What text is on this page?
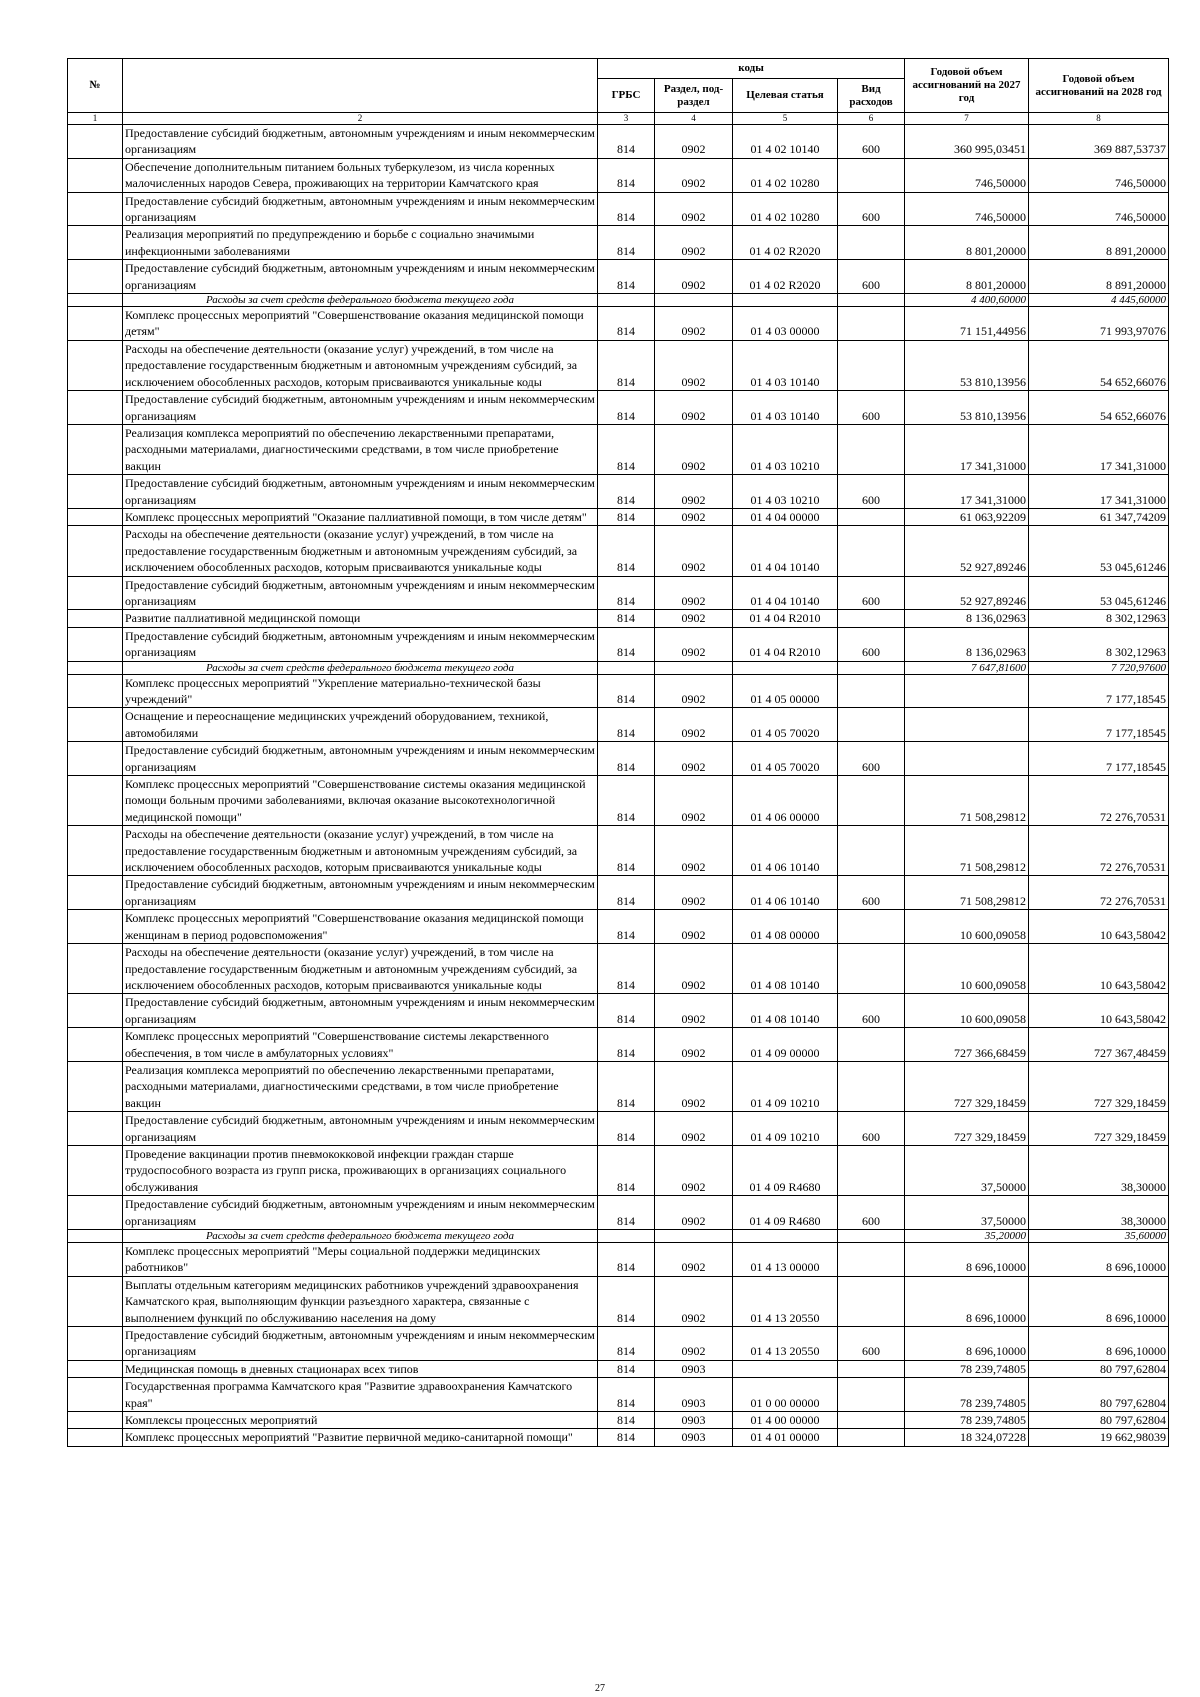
№		коды				Годовой объем ассигнований на 2027 год	Годовой объем ассигнований на 2028 год
		ГРБС	Раздел, под-раздел	Целевая статья	Вид расходов		
1	2	3	4	5	6	7	8
	Предоставление субсидий бюджетным, автономным учреждениям и иным некоммерческим организациям	814	0902	01 4 02 10140	600	360 995,03451	369 887,53737
	Обеспечение дополнительным питанием больных туберкулезом, из числа коренных малочисленных народов Севера, проживающих на территории Камчатского края	814	0902	01 4 02 10280		746,50000	746,50000
	Предоставление субсидий бюджетным, автономным учреждениям и иным некоммерческим организациям	814	0902	01 4 02 10280	600	746,50000	746,50000
	Реализация мероприятий по предупреждению и борьбе с социально значимыми инфекционными заболеваниями	814	0902	01 4 02 R2020		8 801,20000	8 891,20000
	Предоставление субсидий бюджетным, автономным учреждениям и иным некоммерческим организациям	814	0902	01 4 02 R2020	600	8 801,20000	8 891,20000
	Расходы за счет средств федерального бюджета текущего года					4 400,60000	4 445,60000
	Комплекс процессных мероприятий "Совершенствование оказания медицинской помощи детям"	814	0902	01 4 03 00000		71 151,44956	71 993,97076
	Расходы на обеспечение деятельности (оказание услуг) учреждений, в том числе на предоставление государственным бюджетным и автономным учреждениям субсидий, за исключением обособленных расходов, которым присваиваются уникальные коды	814	0902	01 4 03 10140		53 810,13956	54 652,66076
	Предоставление субсидий бюджетным, автономным учреждениям и иным некоммерческим организациям	814	0902	01 4 03 10140	600	53 810,13956	54 652,66076
	Реализация комплекса мероприятий по обеспечению лекарственными препаратами, расходными материалами, диагностическими средствами, в том числе приобретение вакцин	814	0902	01 4 03 10210		17 341,31000	17 341,31000
	Предоставление субсидий бюджетным, автономным учреждениям и иным некоммерческим организациям	814	0902	01 4 03 10210	600	17 341,31000	17 341,31000
	Комплекс процессных мероприятий "Оказание паллиативной помощи, в том числе детям"	814	0902	01 4 04 00000		61 063,92209	61 347,74209
	Расходы на обеспечение деятельности (оказание услуг) учреждений, в том числе на предоставление государственным бюджетным и автономным учреждениям субсидий, за исключением обособленных расходов, которым присваиваются уникальные коды	814	0902	01 4 04 10140		52 927,89246	53 045,61246
	Предоставление субсидий бюджетным, автономным учреждениям и иным некоммерческим организациям	814	0902	01 4 04 10140	600	52 927,89246	53 045,61246
	Развитие паллиативной медицинской помощи	814	0902	01 4 04 R2010		8 136,02963	8 302,12963
	Предоставление субсидий бюджетным, автономным учреждениям и иным некоммерческим организациям	814	0902	01 4 04 R2010	600	8 136,02963	8 302,12963
	Расходы за счет средств федерального бюджета текущего года					7 647,81600	7 720,97600
	Комплекс процессных мероприятий "Укрепление материально-технической базы учреждений"	814	0902	01 4 05 00000			7 177,18545
	Оснащение и переоснащение медицинских учреждений оборудованием, техникой, автомобилями	814	0902	01 4 05 70020			7 177,18545
	Предоставление субсидий бюджетным, автономным учреждениям и иным некоммерческим организациям	814	0902	01 4 05 70020	600		7 177,18545
	Комплекс процессных мероприятий "Совершенствование системы оказания медицинской помощи больным прочими заболеваниями, включая оказание высокотехнологичной медицинской помощи"	814	0902	01 4 06 00000		71 508,29812	72 276,70531
	Расходы на обеспечение деятельности (оказание услуг) учреждений, в том числе на предоставление государственным бюджетным и автономным учреждениям субсидий, за исключением обособленных расходов, которым присваиваются уникальные коды	814	0902	01 4 06 10140		71 508,29812	72 276,70531
	Предоставление субсидий бюджетным, автономным учреждениям и иным некоммерческим организациям	814	0902	01 4 06 10140	600	71 508,29812	72 276,70531
	Комплекс процессных мероприятий "Совершенствование оказания медицинской помощи женщинам в период родовспоможения"	814	0902	01 4 08 00000		10 600,09058	10 643,58042
	Расходы на обеспечение деятельности (оказание услуг) учреждений, в том числе на предоставление государственным бюджетным и автономным учреждениям субсидий, за исключением обособленных расходов, которым присваиваются уникальные коды	814	0902	01 4 08 10140		10 600,09058	10 643,58042
	Предоставление субсидий бюджетным, автономным учреждениям и иным некоммерческим организациям	814	0902	01 4 08 10140	600	10 600,09058	10 643,58042
	Комплекс процессных мероприятий "Совершенствование системы лекарственного обеспечения, в том числе в амбулаторных условиях"	814	0902	01 4 09 00000		727 366,68459	727 367,48459
	Реализация комплекса мероприятий по обеспечению лекарственными препаратами, расходными материалами, диагностическими средствами, в том числе приобретение вакцин	814	0902	01 4 09 10210		727 329,18459	727 329,18459
	Предоставление субсидий бюджетным, автономным учреждениям и иным некоммерческим организациям	814	0902	01 4 09 10210	600	727 329,18459	727 329,18459
	Проведение вакцинации против пневмококковой инфекции граждан старше трудоспособного возраста из групп риска, проживающих в организациях социального обслуживания	814	0902	01 4 09 R4680		37,50000	38,30000
	Предоставление субсидий бюджетным, автономным учреждениям и иным некоммерческим организациям	814	0902	01 4 09 R4680	600	37,50000	38,30000
	Расходы за счет средств федерального бюджета текущего года					35,20000	35,60000
	Комплекс процессных мероприятий "Меры социальной поддержки медицинских работников"	814	0902	01 4 13 00000		8 696,10000	8 696,10000
	Выплаты отдельным категориям медицинских работников учреждений здравоохранения Камчатского края, выполняющим функции разъездного характера, связанные с выполнением функций по обслуживанию населения на дому	814	0902	01 4 13 20550		8 696,10000	8 696,10000
	Предоставление субсидий бюджетным, автономным учреждениям и иным некоммерческим организациям	814	0902	01 4 13 20550	600	8 696,10000	8 696,10000
	Медицинская помощь в дневных стационарах всех типов	814	0903			78 239,74805	80 797,62804
	Государственная программа Камчатского края "Развитие здравоохранения Камчатского края"	814	0903	01 0 00 00000		78 239,74805	80 797,62804
	Комплексы процессных мероприятий	814	0903	01 4 00 00000		78 239,74805	80 797,62804
	Комплекс процессных мероприятий "Развитие первичной медико-санитарной помощи"	814	0903	01 4 01 00000		18 324,07228	19 662,98039
27
